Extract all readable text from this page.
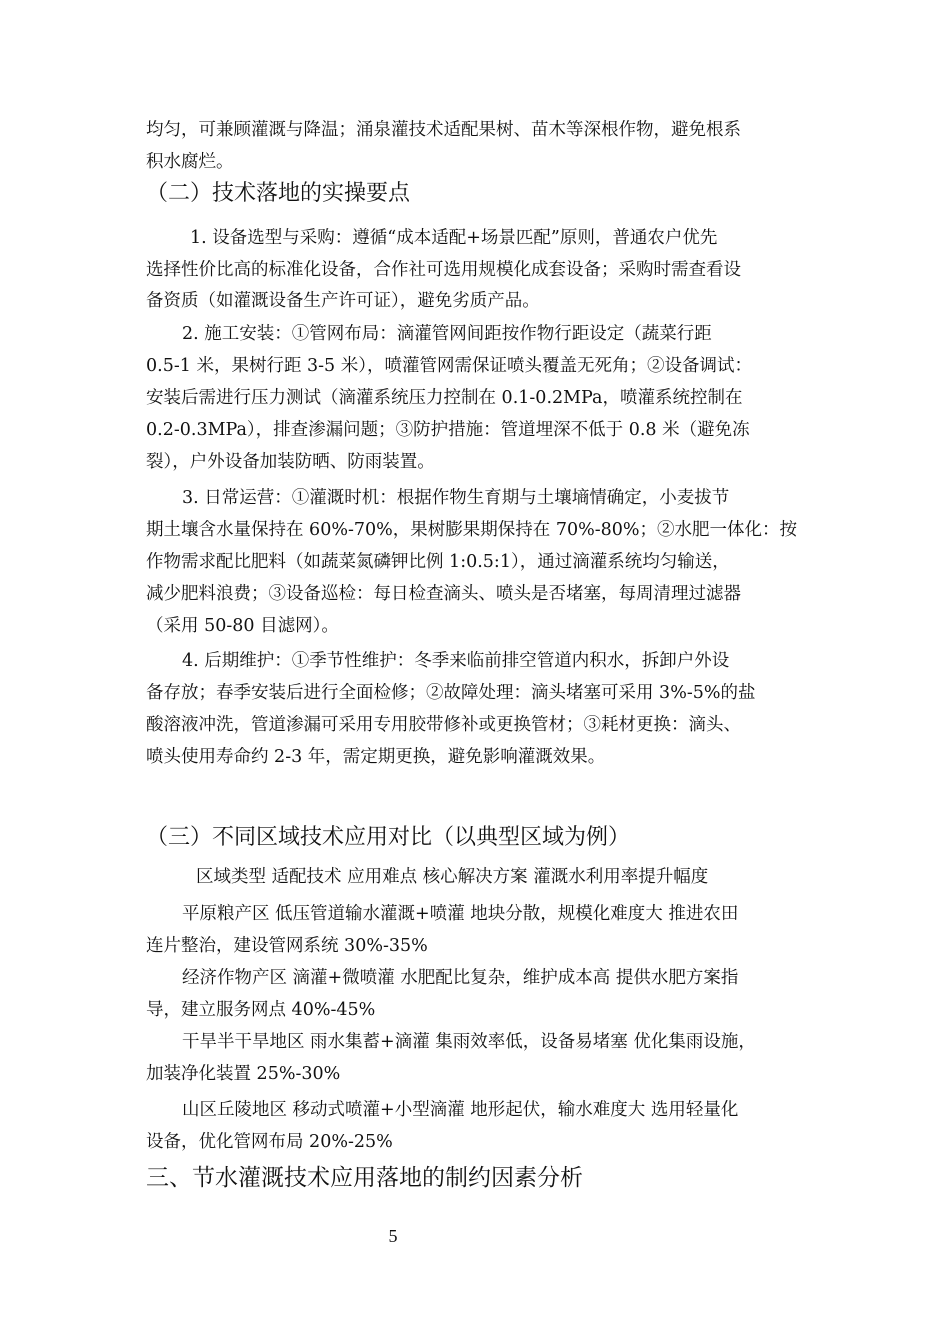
均匀，可兼顾灌溉与降温；涌泉灌技术适配果树、苗木等深根作物，避免根系
积水腐烂。
（二）技术落地的实操要点
1. 设备选型与采购：遵循“成本适配+场景匹配”原则，普通农户优先
选择性价比高的标准化设备，合作社可选用规模化成套设备；采购时需查看设
备资质（如灌溉设备生产许可证），避免劣质产品。
2. 施工安装：①管网布局：滴灌管网间距按作物行距设定（蔬菜行距
0.5-1 米，果树行距 3-5 米），喷灌管网需保证喷头覆盖无死角；②设备调试：
安装后需进行压力测试（滴灌系统压力控制在 0.1-0.2MPa，喷灌系统控制在
0.2-0.3MPa），排查渗漏问题；③防护措施：管道埋深不低于 0.8 米（避免冻
裂），户外设备加装防晒、防雨装置。
3. 日常运营：①灌溉时机：根据作物生育期与土壤墒情确定，小麦拔节
期土壤含水量保持在 60%-70%，果树膨果期保持在 70%-80%；②水肥一体化：按
作物需求配比肥料（如蔬菜氮磷钾比例 1:0.5:1），通过滴灌系统均匀输送，
减少肥料浪费；③设备巡检：每日检查滴头、喷头是否堵塞，每周清理过滤器
（采用 50-80 目滤网）。
4. 后期维护：①季节性维护：冬季来临前排空管道内积水，拆卸户外设
备存放；春季安装后进行全面检修；②故障处理：滴头堵塞可采用 3%-5%的盐
酸溶液冲洗，管道渗漏可采用专用胶带修补或更换管材；③耗材更换：滴头、
喷头使用寿命约 2-3 年，需定期更换，避免影响灌溉效果。
（三）不同区域技术应用对比（以典型区域为例）
区域类型 适配技术 应用难点 核心解决方案 灌溉水利用率提升幅度
平原粮产区 低压管道输水灌溉+喷灌 地块分散，规模化难度大 推进农田
连片整治，建设管网系统 30%-35%
经济作物产区 滴灌+微喷灌 水肥配比复杂，维护成本高 提供水肥方案指
导，建立服务网点 40%-45%
干旱半干旱地区 雨水集蓄+滴灌 集雨效率低，设备易堵塞 优化集雨设施，
加装净化装置 25%-30%
山区丘陵地区 移动式喷灌+小型滴灌 地形起伏，输水难度大 选用轻量化
设备，优化管网布局 20%-25%
三、节水灌溉技术应用落地的制约因素分析
5
